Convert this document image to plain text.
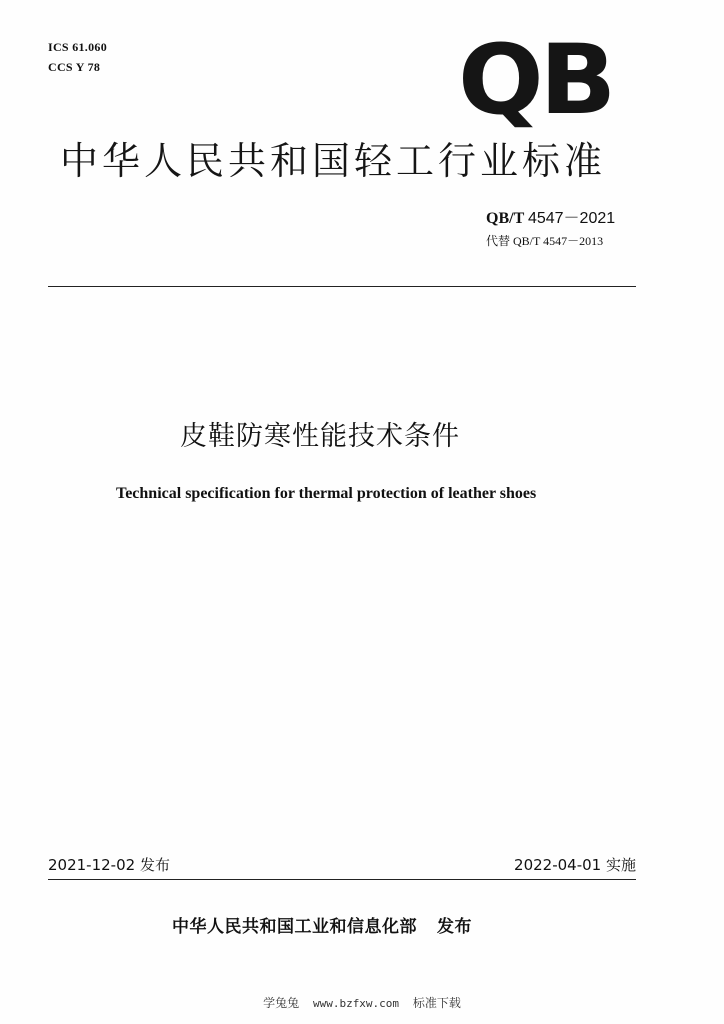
ICS 61.060
CCS Y 78	QB
中华人民共和国轻工行业标准
QB/T 4547－2021
代替 QB/T 4547－2013
皮鞋防寒性能技术条件
Technical specification for thermal protection of leather shoes
2021-12-02 发布	2022-04-01 实施
中华人民共和国工业和信息化部 发布
学兔兔 www.bzfxw.com 标准下载
